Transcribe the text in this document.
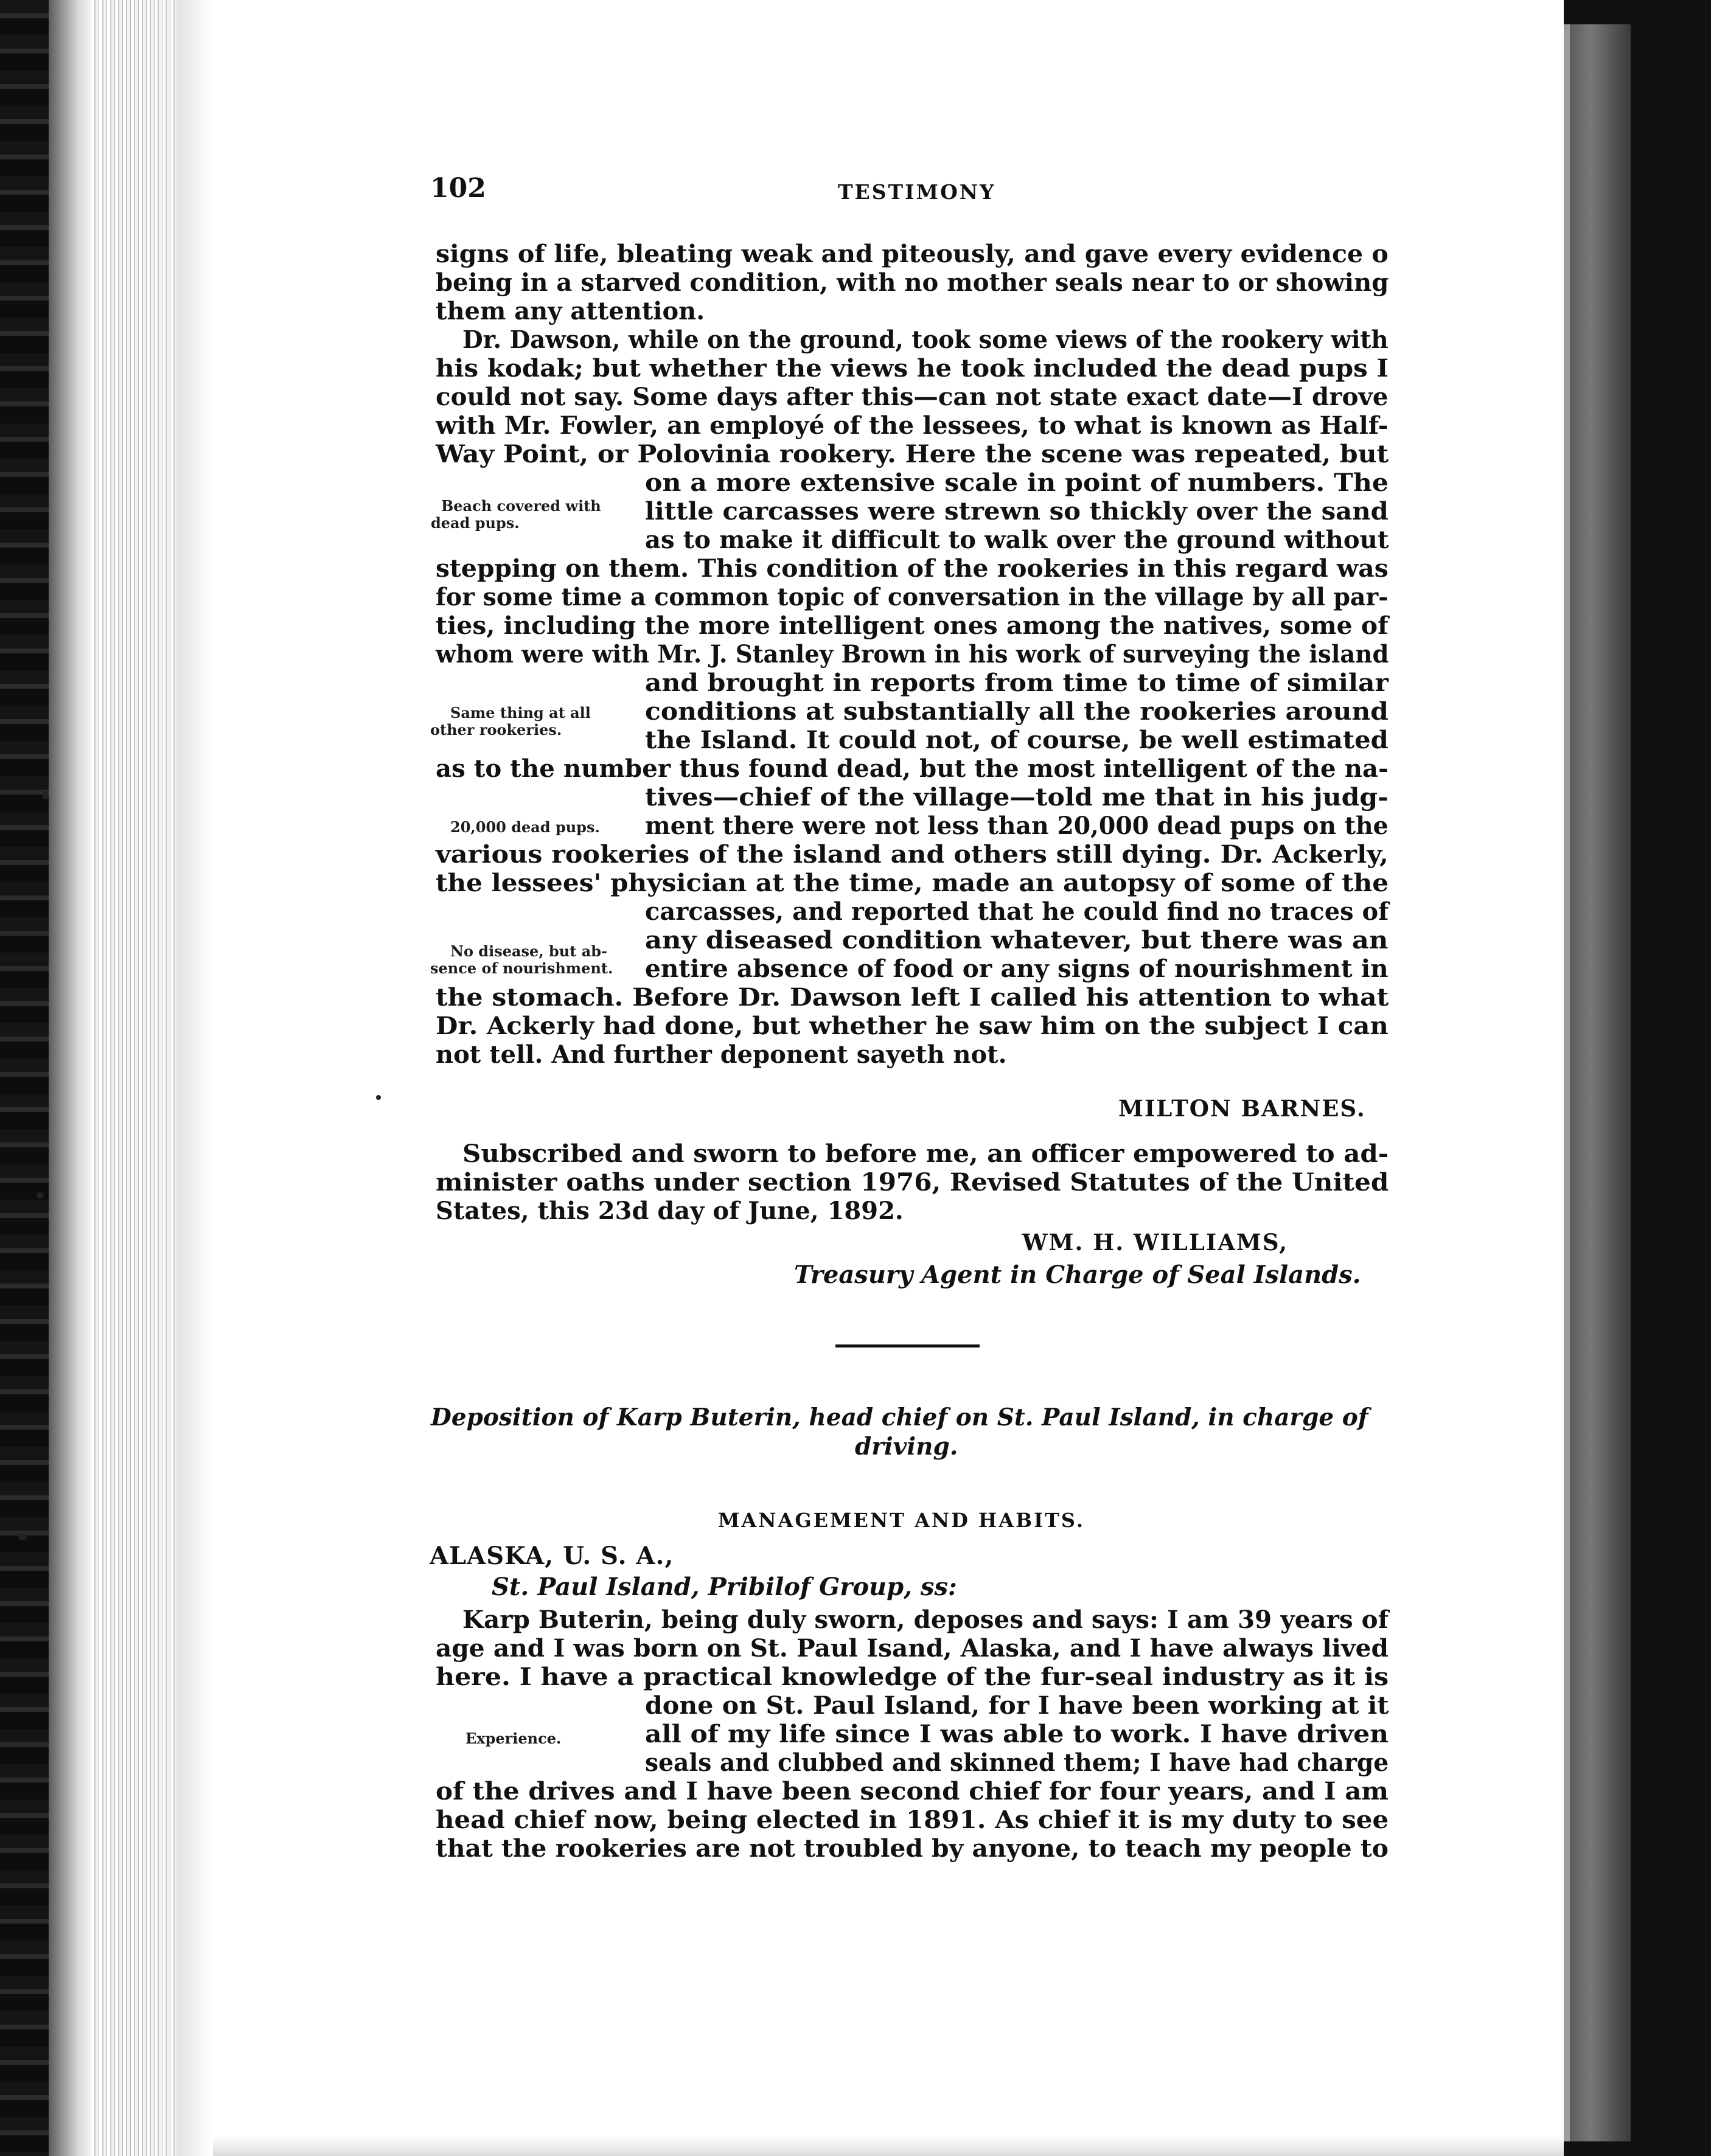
102	TESTIMONY
signs of life, bleating weak and piteously, and gave every evidence o
being in a starved condition, with no mother seals near to or showing
them any attention.
Dr. Dawson, while on the ground, took some views of the rookery with
his kodak; but whether the views he took included the dead pups I
could not say. Some days after this—can not state exact date—I drove
with Mr. Fowler, an employé of the lessees, to what is known as Half-
Way Point, or Polovinia rookery. Here the scene was repeated, but
on a more extensive scale in point of numbers. The
little carcasses were strewn so thickly over the sand
as to make it difficult to walk over the ground without
stepping on them. This condition of the rookeries in this regard was
for some time a common topic of conversation in the village by all par-
ties, including the more intelligent ones among the natives, some of
whom were with Mr. J. Stanley Brown in his work of surveying the island
and brought in reports from time to time of similar
conditions at substantially all the rookeries around
the Island. It could not, of course, be well estimated
as to the number thus found dead, but the most intelligent of the na-
tives—chief of the village—told me that in his judg-
ment there were not less than 20,000 dead pups on the
various rookeries of the island and others still dying. Dr. Ackerly,
the lessees' physician at the time, made an autopsy of some of the
carcasses, and reported that he could find no traces of
any diseased condition whatever, but there was an
entire absence of food or any signs of nourishment in
the stomach. Before Dr. Dawson left I called his attention to what
Dr. Ackerly had done, but whether he saw him on the subject I can
not tell. And further deponent sayeth not.
Beach covered with
dead pups.
Same thing at all
other rookeries.
20,000 dead pups.
No disease, but ab-
sence of nourishment.
MILTON BARNES.
Subscribed and sworn to before me, an officer empowered to ad-
minister oaths under section 1976, Revised Statutes of the United
States, this 23d day of June, 1892.
WM. H. WILLIAMS,
Treasury Agent in Charge of Seal Islands.
Deposition of Karp Buterin, head chief on St. Paul Island, in charge of
driving.
MANAGEMENT AND HABITS.
ALASKA, U. S. A.,
St. Paul Island, Pribilof Group, ss:
Karp Buterin, being duly sworn, deposes and says: I am 39 years of
age and I was born on St. Paul Isand, Alaska, and I have always lived
here. I have a practical knowledge of the fur-seal industry as it is
done on St. Paul Island, for I have been working at it
all of my life since I was able to work. I have driven
seals and clubbed and skinned them; I have had charge
of the drives and I have been second chief for four years, and I am
head chief now, being elected in 1891. As chief it is my duty to see
that the rookeries are not troubled by anyone, to teach my people to
Experience.
